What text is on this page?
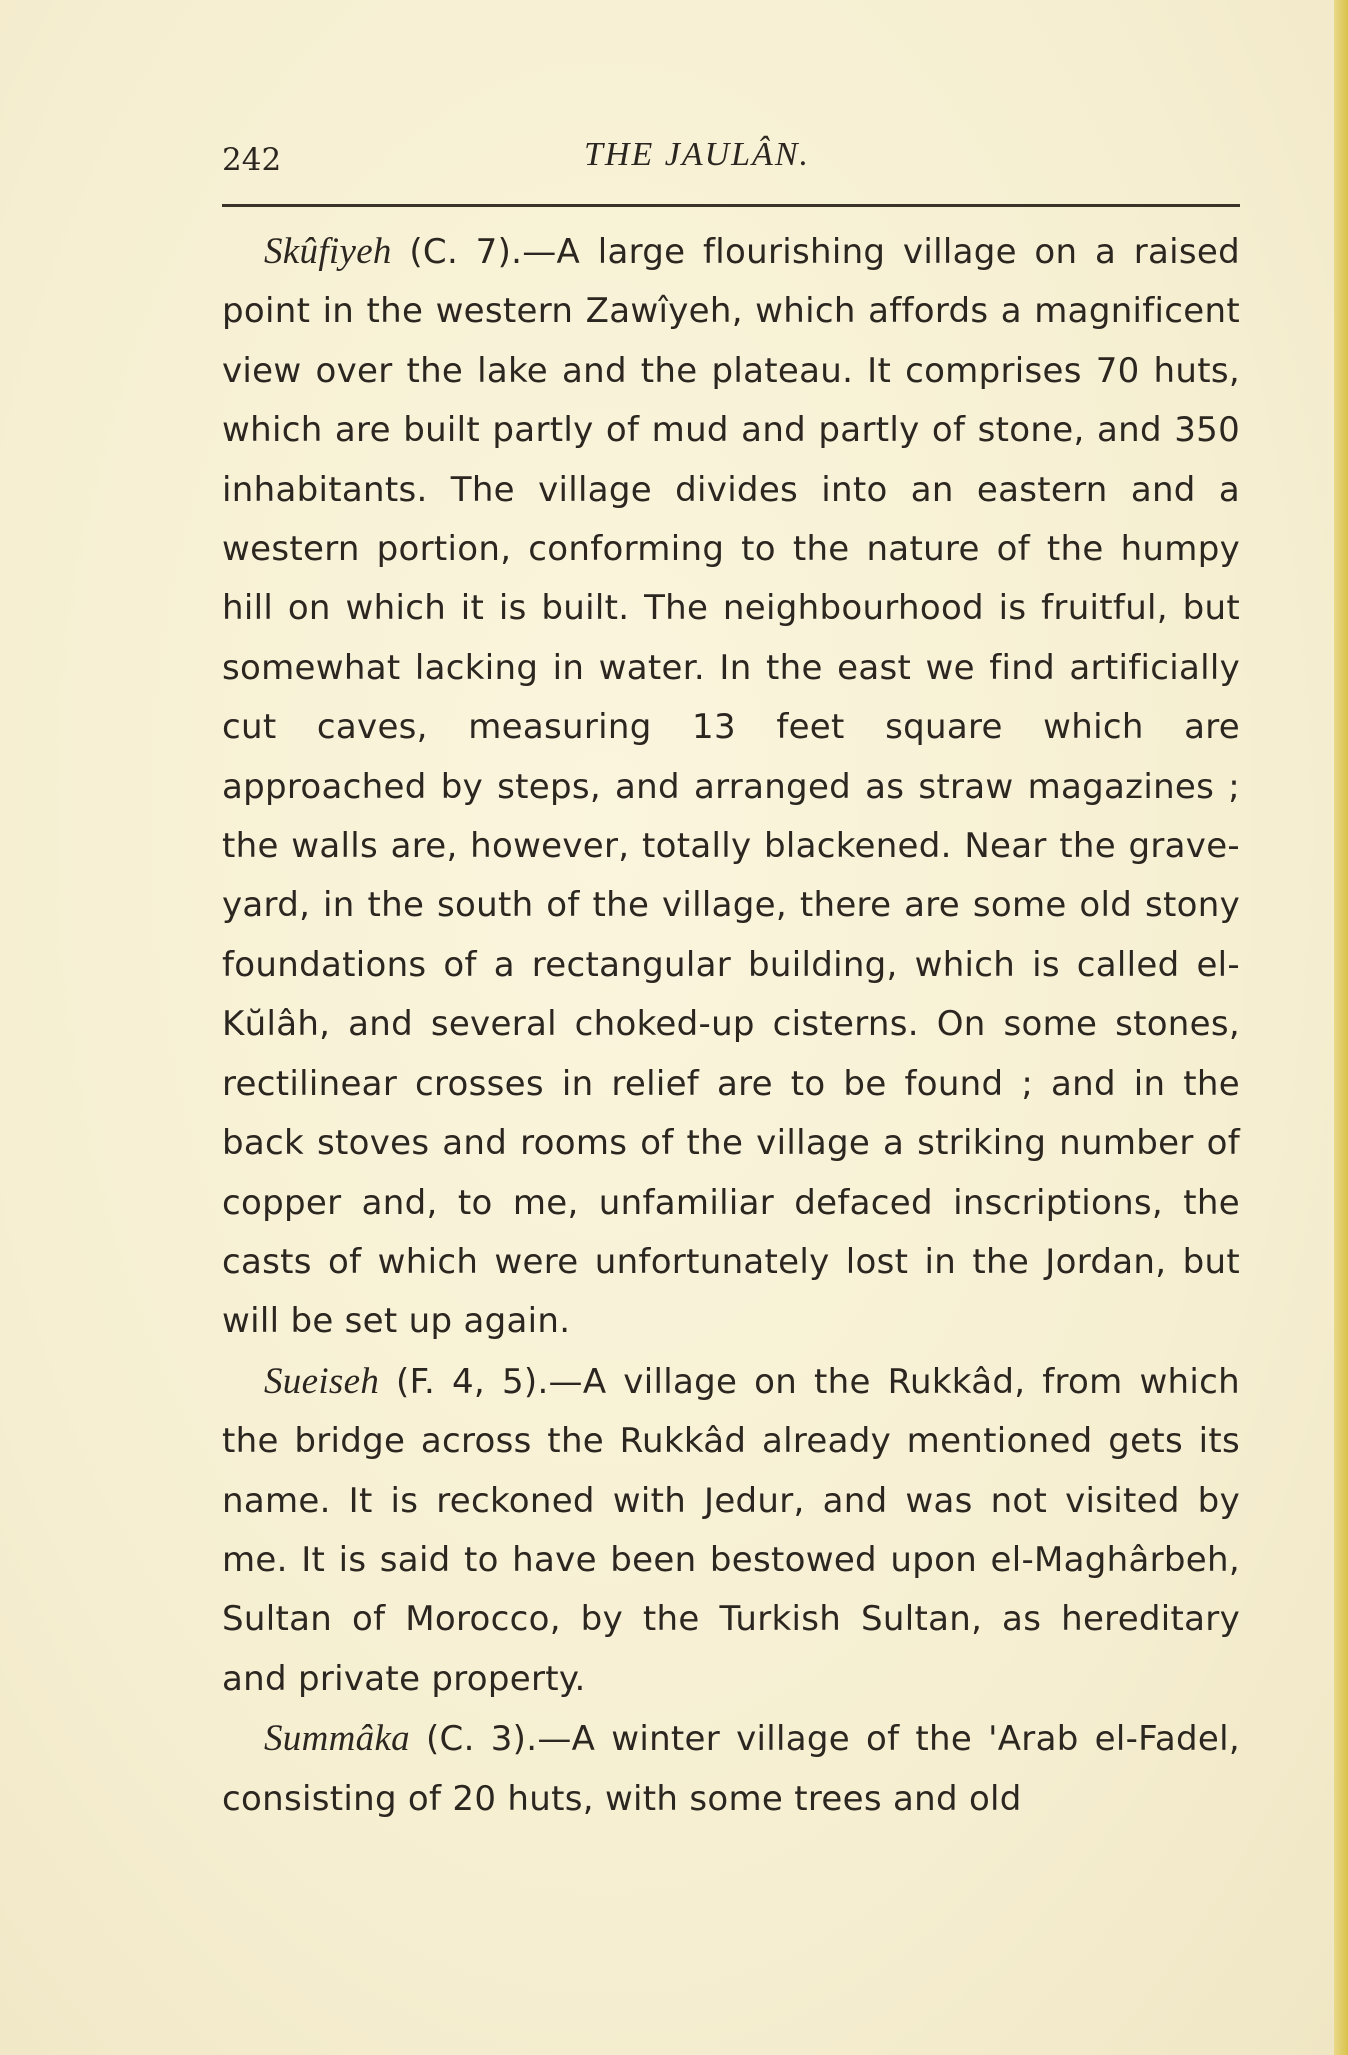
242	THE JAULÂN.

Skûfiyeh (C. 7).—A large flourishing village on a raised point in the western Zawîyeh, which affords a magnificent view over the lake and the plateau. It comprises 70 huts, which are built partly of mud and partly of stone, and 350 inhabitants. The village divides into an eastern and a western portion, conforming to the nature of the humpy hill on which it is built. The neighbourhood is fruitful, but somewhat lacking in water. In the east we find artificially cut caves, measuring 13 feet square which are approached by steps, and arranged as straw magazines ; the walls are, however, totally blackened. Near the grave-yard, in the south of the village, there are some old stony foundations of a rectangular building, which is called el-Kŭlâh, and several choked-up cisterns. On some stones, rectilinear crosses in relief are to be found ; and in the back stoves and rooms of the village a striking number of copper and, to me, unfamiliar defaced inscriptions, the casts of which were unfortunately lost in the Jordan, but will be set up again.

Sueiseh (F. 4, 5).—A village on the Rukkâd, from which the bridge across the Rukkâd already mentioned gets its name. It is reckoned with Jedur, and was not visited by me. It is said to have been bestowed upon el-Maghârbeh, Sultan of Morocco, by the Turkish Sultan, as hereditary and private property.

Summâka (C. 3).—A winter village of the 'Arab el-Fadel, consisting of 20 huts, with some trees and old
